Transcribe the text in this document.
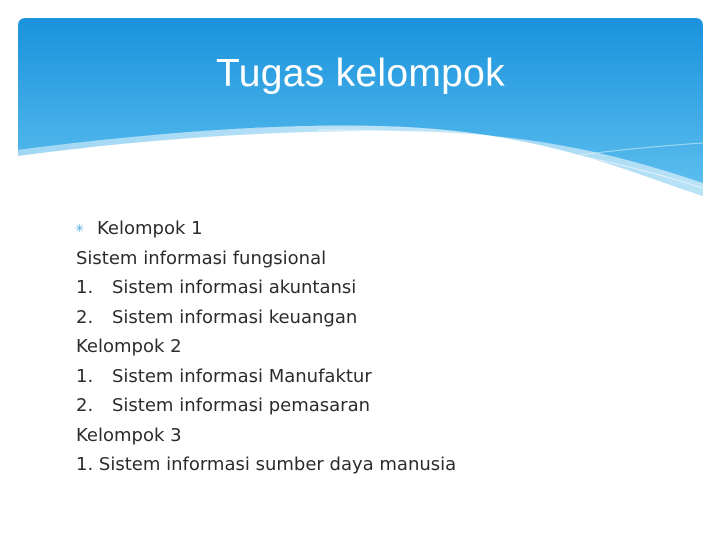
Tugas kelompok
✳ Kelompok 1
Sistem informasi fungsional
1. Sistem informasi akuntansi
2. Sistem informasi keuangan
Kelompok 2
1. Sistem informasi Manufaktur
2. Sistem informasi pemasaran
Kelompok 3
1. Sistem informasi sumber daya manusia
